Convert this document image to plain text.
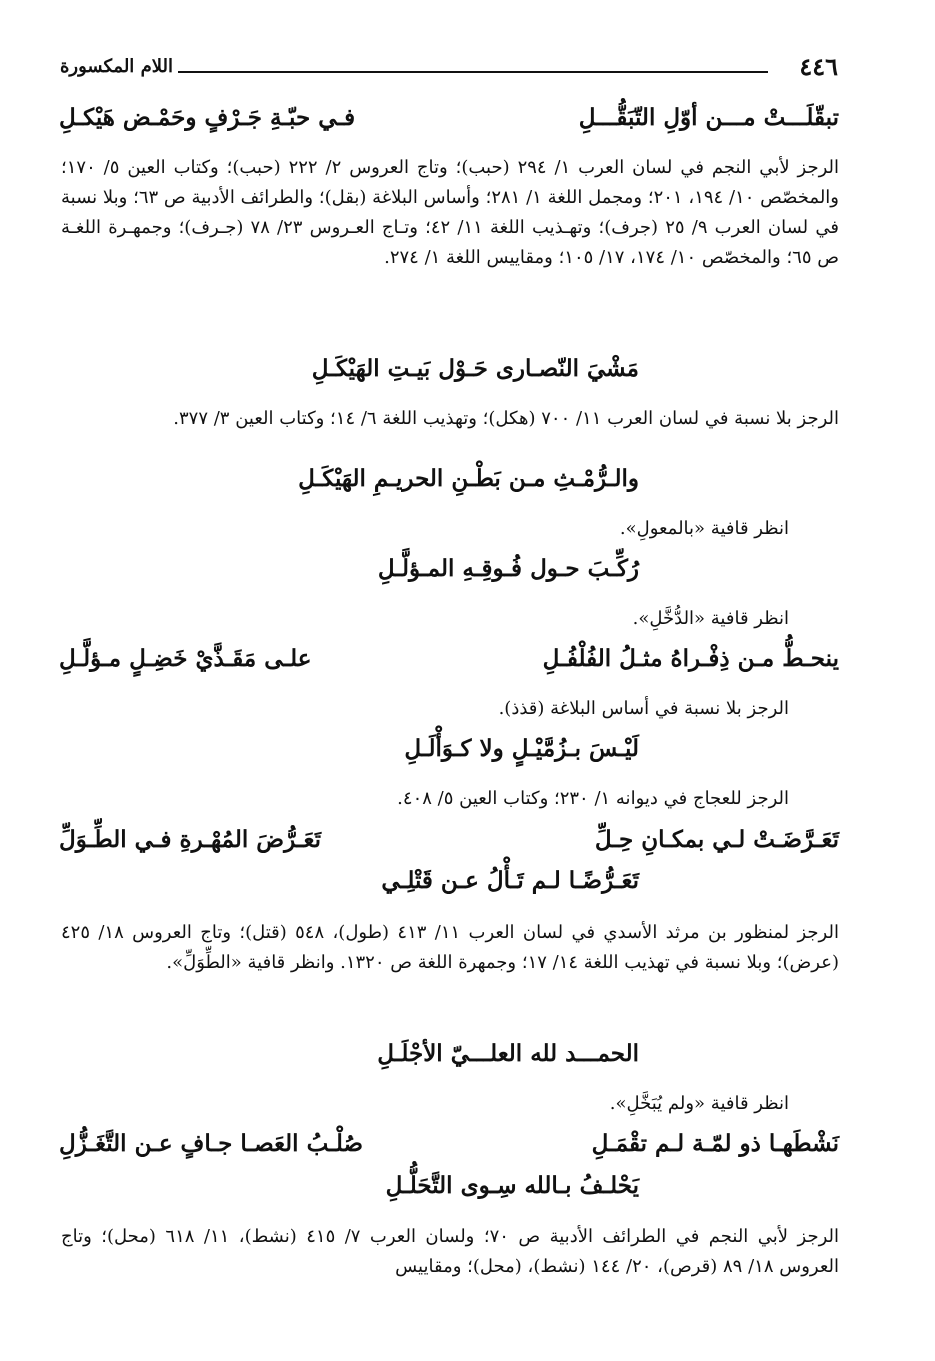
٤٤٦
اللام المكسورة
تبقّلَـــتْ مـــن أوّلِ التّبَقُّـــلِ
فـي حبّـةِ جَـرْفٍ وحَمْـض هَيْكـلِ
الرجز لأبي النجم في لسان العرب ١/ ٢٩٤ (حبب)؛ وتاج العروس ٢/ ٢٢٢ (حبب)؛ وكتاب العين ٥/ ١٧٠؛ والمخصّص ١٠/ ١٩٤، ٢٠١؛ ومجمل اللغة ١/ ٢٨١؛ وأساس البلاغة (بقل)؛ والطرائف الأدبية ص ٦٣؛ وبلا نسبة في لسان العرب ٩/ ٢٥ (جرف)؛ وتهـذيب اللغة ١١/ ٤٢؛ وتـاج العـروس ٢٣/ ٧٨ (جـرف)؛ وجمهـرة اللغـة ص ٦٥؛ والمخصّص ١٠/ ١٧٤، ١٧/ ١٠٥؛ ومقاييس اللغة ١/ ٢٧٤.
مَشْيَ النّصـارى حَـوْل بَيـتِ الهَيْكَـلِ
الرجز بلا نسبة في لسان العرب ١١/ ٧٠٠ (هكل)؛ وتهذيب اللغة ٦/ ١٤؛ وكتاب العين ٣/ ٣٧٧.
والـرُّمْـثِ مـن بَطْـنِ الحريـمِ الهَيْكَـلِ
انظر قافية «بالمعولِ».
رُكِّـبَ حـول فُـوقِـهِ المـؤلَّـلِ
انظر قافية «الدُّخَّلِ».
ينحـطُّ مـن ذِفْـراهُ مثـلُ الفُلْفُـلِ
علـى مَقَـذَّيْ خَضِـلٍ مـؤلَّـلِ
الرجز بلا نسبة في أساس البلاغة (قذذ).
لَيْـسَ بـزُمَّيْـلٍ ولا كـوَأْلَـلِ
الرجز للعجاج في ديوانه ١/ ٢٣٠؛ وكتاب العين ٥/ ٤٠٨.
تَعَـرَّضَـتْ لـي بمكـانِ حِـلِّ
تَعَـرُّضَ المُهْـرةِ فـي الطِّـوَلِّ
تَعَـرُّضًـا لـم تَـأْلُ عـن قَتْلِـي
الرجز لمنظور بن مرثد الأسدي في لسان العرب ١١/ ٤١٣ (طول)، ٥٤٨ (قتل)؛ وتاج العروس ١٨/ ٤٢٥ (عرض)؛ وبلا نسبة في تهذيب اللغة ١٤/ ١٧؛ وجمهرة اللغة ص ١٣٢٠. وانظر قافية «الطِّوَلِّ».
الحمـــد لله العلـــيّ الأجْلَـلِ
انظر قافية «ولم يُبَخَّلِ».
نَشْطَهـا ذو لمّـة لـم تقْمَـلِ
صُلْـبُ العَصـا جـافٍ عـن التَّغَـزُّلِ
يَحْلـفُ بـالله سِـوى التَّحَلُّـلِ
الرجز لأبي النجم في الطرائف الأدبية ص ٧٠؛ ولسان العرب ٧/ ٤١٥ (نشط)، ١١/ ٦١٨ (محل)؛ وتاج العروس ١٨/ ٨٩ (قرص)، ٢٠/ ١٤٤ (نشط)، (محل)؛ ومقاييس
